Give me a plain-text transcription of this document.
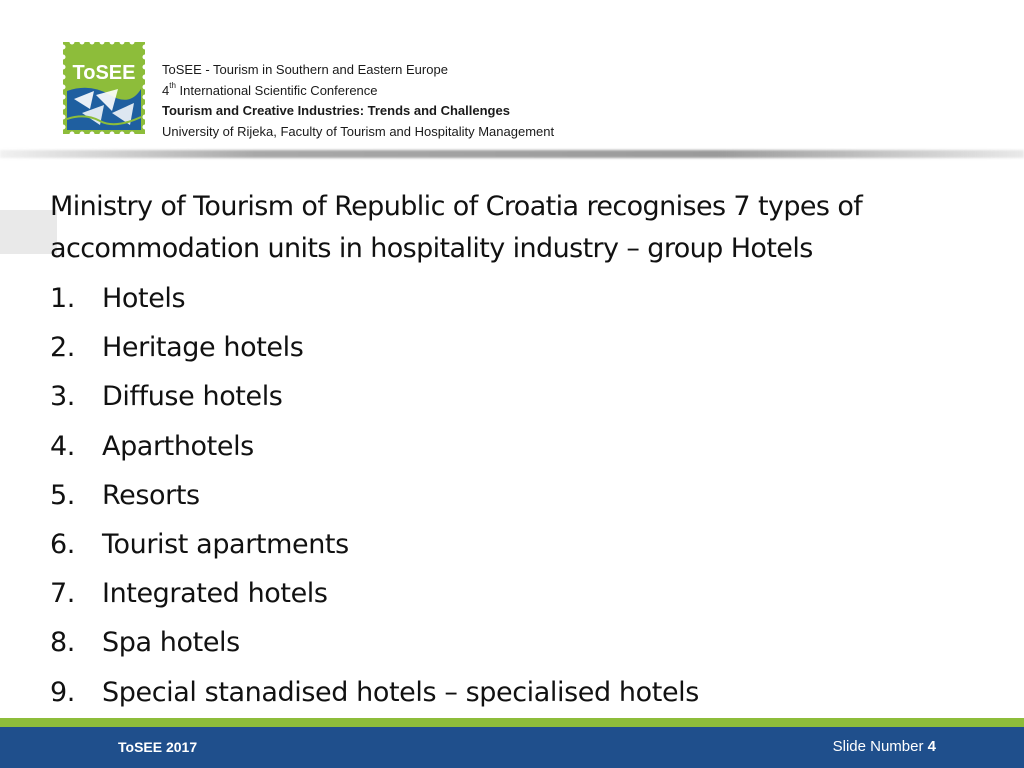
ToSEE ToSEE - Tourism in Southern and Eastern Europe
4th International Scientific Conference
Tourism and Creative Industries: Trends and Challenges
University of Rijeka, Faculty of Tourism and Hospitality Management

Ministry of Tourism of Republic of Croatia recognises 7 types of accommodation units in hospitality industry – group Hotels

1.	Hotels
2.	Heritage hotels
3.	Diffuse hotels
4.	Aparthotels
5.	Resorts
6.	Tourist apartments
7.	Integrated hotels
8.	Spa hotels
9.	Special stanadised hotels – specialised hotels
ToSEE 2017	Slide Number 4
